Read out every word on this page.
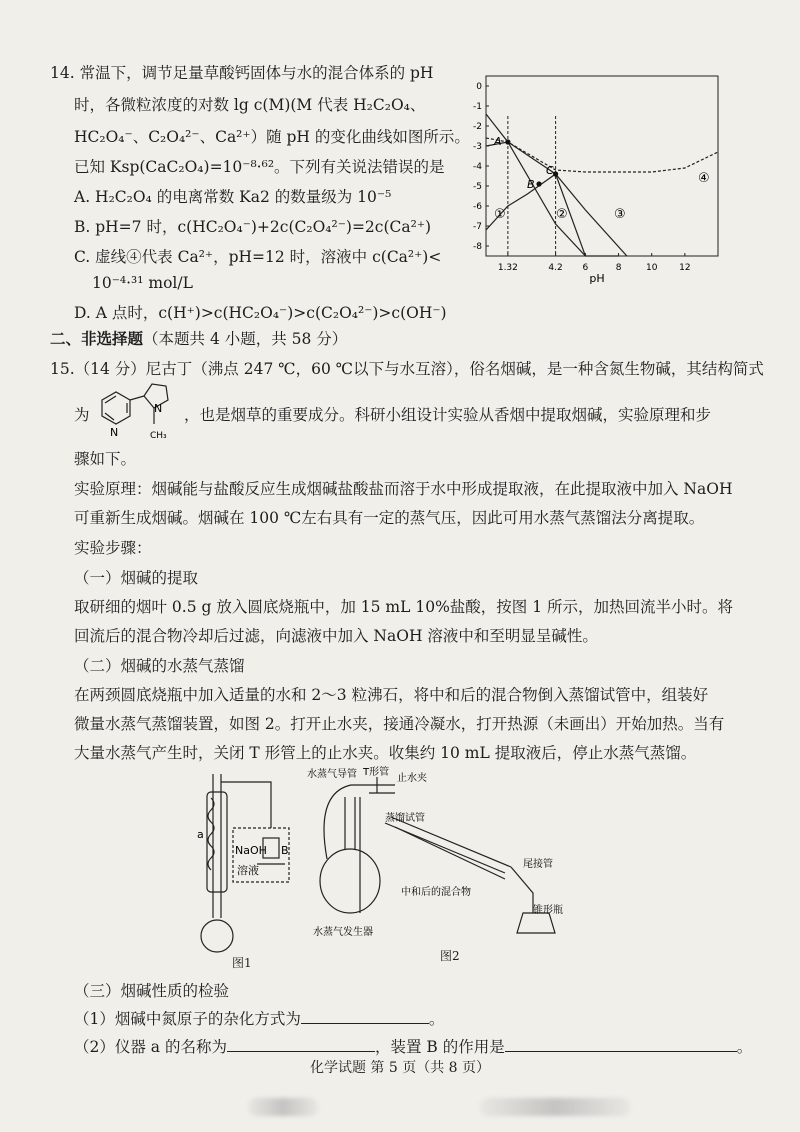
14. 常温下，调节足量草酸钙固体与水的混合体系的 pH
时，各微粒浓度的对数 lg c(M)(M 代表 H₂C₂O₄、
HC₂O₄⁻、C₂O₄²⁻、Ca²⁺）随 pH 的变化曲线如图所示。
已知 Ksp(CaC₂O₄)=10⁻⁸·⁶²。下列有关说法错误的是
A. H₂C₂O₄ 的电离常数 Ka2 的数量级为 10⁻⁵
B. pH=7 时，c(HC₂O₄⁻)+2c(C₂O₄²⁻)=2c(Ca²⁺)
C. 虚线④代表 Ca²⁺，pH=12 时，溶液中 c(Ca²⁺)<
10⁻⁴·³¹ mol/L
D. A 点时，c(H⁺)>c(HC₂O₄⁻)>c(C₂O₄²⁻)>c(OH⁻)
0
-1
-2
-3
-4
-5
-6
-7
-8
1.32	4.2 6	8	10 12
pH
A
B
C
①	②	③
④
二、非选择题（本题共 4 小题，共 58 分）
15.（14 分）尼古丁（沸点 247 ℃，60 ℃以下与水互溶），俗名烟碱，是一种含氮生物碱，其结构简式
为
N
N
CH₃
，也是烟草的重要成分。科研小组设计实验从香烟中提取烟碱，实验原理和步
骤如下。
实验原理：烟碱能与盐酸反应生成烟碱盐酸盐而溶于水中形成提取液，在此提取液中加入 NaOH
可重新生成烟碱。烟碱在 100 ℃左右具有一定的蒸气压，因此可用水蒸气蒸馏法分离提取。
实验步骤：
（一）烟碱的提取
取研细的烟叶 0.5 g 放入圆底烧瓶中，加 15 mL 10%盐酸，按图 1 所示，加热回流半小时。将
回流后的混合物冷却后过滤，向滤液中加入 NaOH 溶液中和至明显呈碱性。
（二）烟碱的水蒸气蒸馏
在两颈圆底烧瓶中加入适量的水和 2～3 粒沸石，将中和后的混合物倒入蒸馏试管中，组装好
微量水蒸气蒸馏装置，如图 2。打开止水夹，接通冷凝水，打开热源（未画出）开始加热。当有
大量水蒸气产生时，关闭 T 形管上的止水夹。收集约 10 mL 提取液后，停止水蒸气蒸馏。
a
NaOH B
溶液
图1
水蒸气导管 T形管
止水夹
蒸馏试管
尾接管
中和后的混合物
锥形瓶
水蒸气发生器
图2
（三）烟碱性质的检验
（1）烟碱中氮原子的杂化方式为	。
（2）仪器 a 的名称为	，装置 B 的作用是	。
化学试题 第 5 页（共 8 页）
